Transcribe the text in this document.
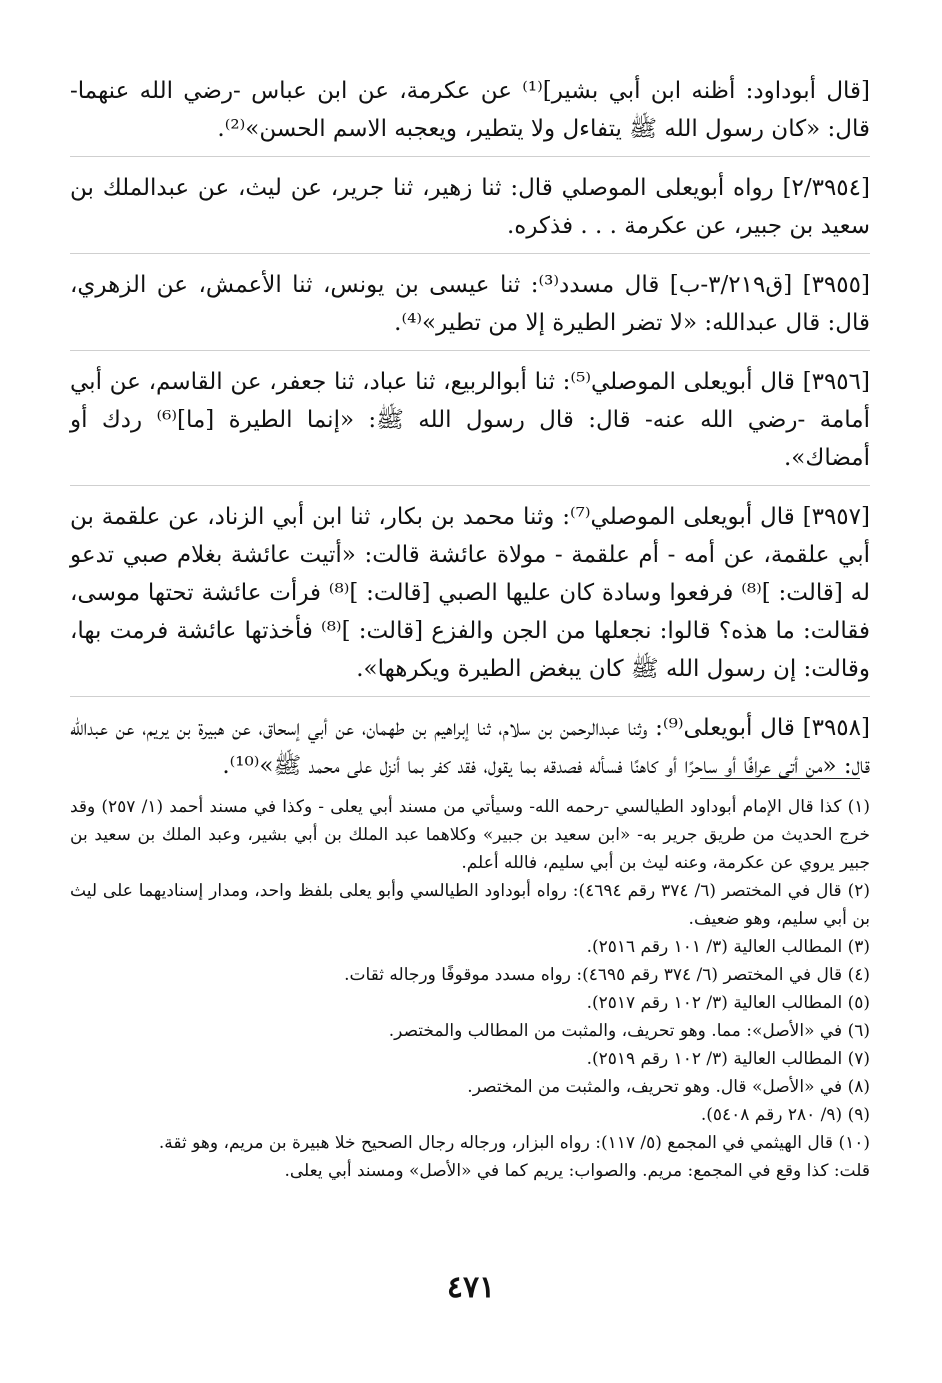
[قال أبوداود: أظنه ابن أبي بشير]⁽¹⁾ عن عكرمة، عن ابن عباس -رضي الله عنهما- قال: «كان رسول الله ﷺ يتفاءل ولا يتطير، ويعجبه الاسم الحسن»⁽²⁾.

[٢/٣٩٥٤] رواه أبويعلى الموصلي قال: ثنا زهير، ثنا جرير، عن ليث، عن عبدالملك بن سعيد بن جبير، عن عكرمة . . . فذكره.

[٣٩٥٥] [ق٣/٢١٩-ب] قال مسدد⁽³⁾: ثنا عيسى بن يونس، ثنا الأعمش، عن الزهري، قال: قال عبدالله: «لا تضر الطيرة إلا من تطير»⁽⁴⁾.

[٣٩٥٦] قال أبويعلى الموصلي⁽⁵⁾: ثنا أبوالربيع، ثنا عباد، ثنا جعفر، عن القاسم، عن أبي أمامة -رضي الله عنه- قال: قال رسول الله ﷺ: «إنما الطيرة [ما]⁽⁶⁾ ردك أو أمضاك».

[٣٩٥٧] قال أبويعلى الموصلي⁽⁷⁾: وثنا محمد بن بكار، ثنا ابن أبي الزناد، عن علقمة بن أبي علقمة، عن أمه - أم علقمة - مولاة عائشة قالت: «أتيت عائشة بغلام صبي تدعو له [قالت: ]⁽⁸⁾ فرفعوا وسادة كان عليها الصبي [قالت: ]⁽⁸⁾ فرأت عائشة تحتها موسى، فقالت: ما هذه؟ قالوا: نجعلها من الجن والفزع [قالت: ]⁽⁸⁾ فأخذتها عائشة فرمت بها، وقالت: إن رسول الله ﷺ كان يبغض الطيرة ويكرهها».

[٣٩٥٨] قال أبويعلى⁽⁹⁾: وثنا عبدالرحمن بن سلام، ثنا إبراهيم بن طهمان، عن أبي إسحاق، عن هبيرة بن يريم، عن عبدالله قال: «من أتى عرافًا أو ساحرًا أو كاهنًا فسأله فصدقه بما يقول، فقد كفر بما أنزل على محمد ﷺ»⁽¹⁰⁾.

(١) كذا قال الإمام أبوداود الطيالسي -رحمه الله- وسيأتي من مسند أبي يعلى - وكذا في مسند أحمد (١/ ٢٥٧) وقد خرج الحديث من طريق جرير به- «ابن سعيد بن جبير» وكلاهما عبد الملك بن أبي بشير، وعبد الملك بن سعيد بن جبير يروي عن عكرمة، وعنه ليث بن أبي سليم، فالله أعلم.

(٢) قال في المختصر (٦/ ٣٧٤ رقم ٤٦٩٤): رواه أبوداود الطيالسي وأبو يعلى بلفظ واحد، ومدار إسناديهما على ليث بن أبي سليم، وهو ضعيف.

(٣) المطالب العالية (٣/ ١٠١ رقم ٢٥١٦).

(٤) قال في المختصر (٦/ ٣٧٤ رقم ٤٦٩٥): رواه مسدد موقوفًا ورجاله ثقات.

(٥) المطالب العالية (٣/ ١٠٢ رقم ٢٥١٧).

(٦) في «الأصل»: مما. وهو تحريف، والمثبت من المطالب والمختصر.

(٧) المطالب العالية (٣/ ١٠٢ رقم ٢٥١٩).

(٨) في «الأصل» قال. وهو تحريف، والمثبت من المختصر.

(٩) (٩/ ٢٨٠ رقم ٥٤٠٨).

(١٠) قال الهيثمي في المجمع (٥/ ١١٧): رواه البزار، ورجاله رجال الصحيح خلا هبيرة بن مريم، وهو ثقة.

قلت: كذا وقع في المجمع: مريم. والصواب: يريم كما في «الأصل» ومسند أبي يعلى.

٤٧١
